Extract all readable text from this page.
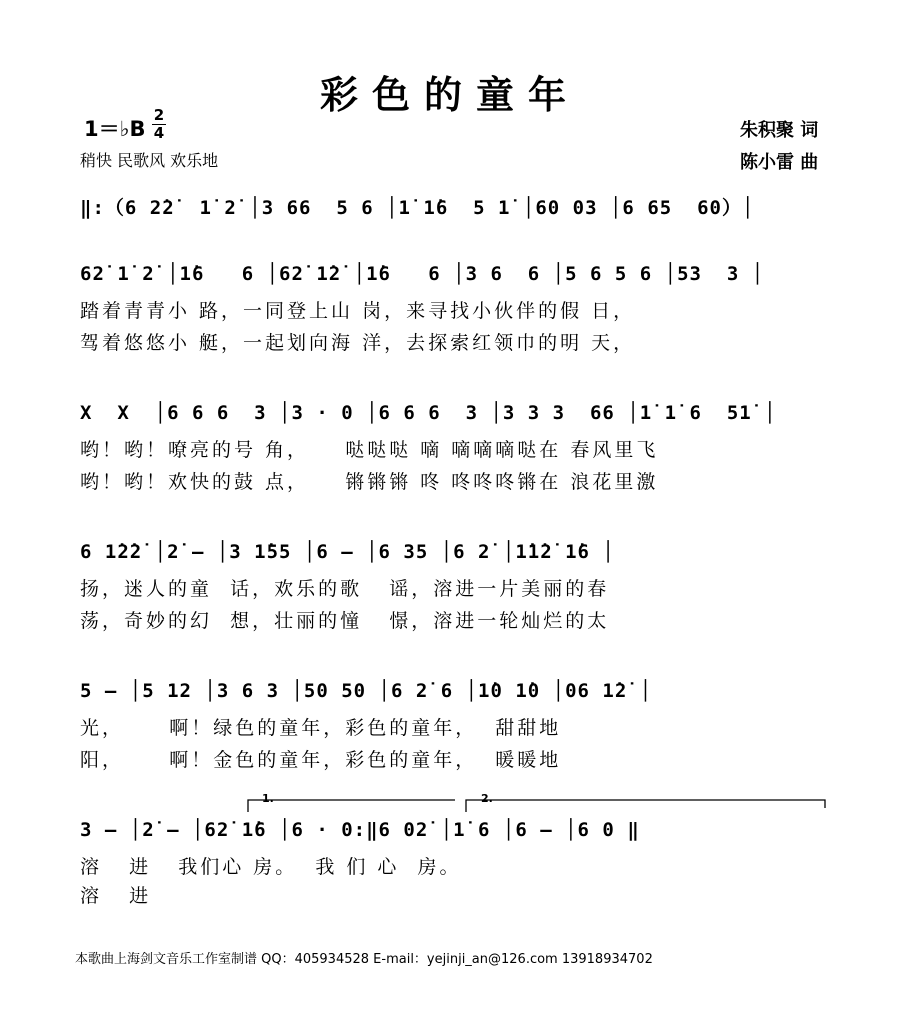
彩色的童年
1＝♭B
2
4
稍快 民歌风 欢乐地
朱积聚 词
陈小雷 曲
‖:（6 2̇2̇  1̇ 2̇ │3 66  5 6 │1̇ 1̇6  5 1̇ │60 03 │6 65  60）│
62̇ 1̇ 2̇ │1̇6   6 │62̇ 1̇2̇ │1̇6   6 │3 6  6 │5 6 5 6 │53  3 │
踏着青青小 路，一同登上山 岗，来寻找小伙伴的假 日，
驾着悠悠小 艇，一起划向海 洋，去探索红领巾的明 天，
X  X  │6 6 6  3 │3 · 0 │6 6 6  3 │3 3 3  66 │1̇ 1̇ 6  51̇ │
哟！哟！嘹亮的号 角，    哒哒哒 嘀 嘀嘀嘀哒在 春风里飞
哟！哟！欢快的鼓 点，    锵锵锵 咚 咚咚咚锵在 浪花里激
6 1̇2̇2̇ │2̇ – │3 1̇55 │6 – │6 35 │6 2̇ │1̇1̇2̇ 1̇6 │
扬，迷人的童  话，欢乐的歌   谣，溶进一片美丽的春
荡，奇妙的幻  想，壮丽的憧   憬，溶进一轮灿烂的太
5 – │5 12 │3 6 3 │50 50 │6 2̇ 6 │1̇0 1̇0 │06 1̇2̇ │
光，     啊！绿色的童年，彩色的童年，  甜甜地
阳，     啊！金色的童年，彩色的童年，  暖暖地
1.	2.
3 – │2̇ – │62̇ 1̇6 │6 · 0:‖6 02̇ │1̇ 6 │6 – │6 0 ‖
溶   进   我们心 房。  我 们 心  房。
溶   进
本歌曲上海剑文音乐工作室制谱 QQ：405934528 E-mail：yejinji_an@126.com 13918934702
